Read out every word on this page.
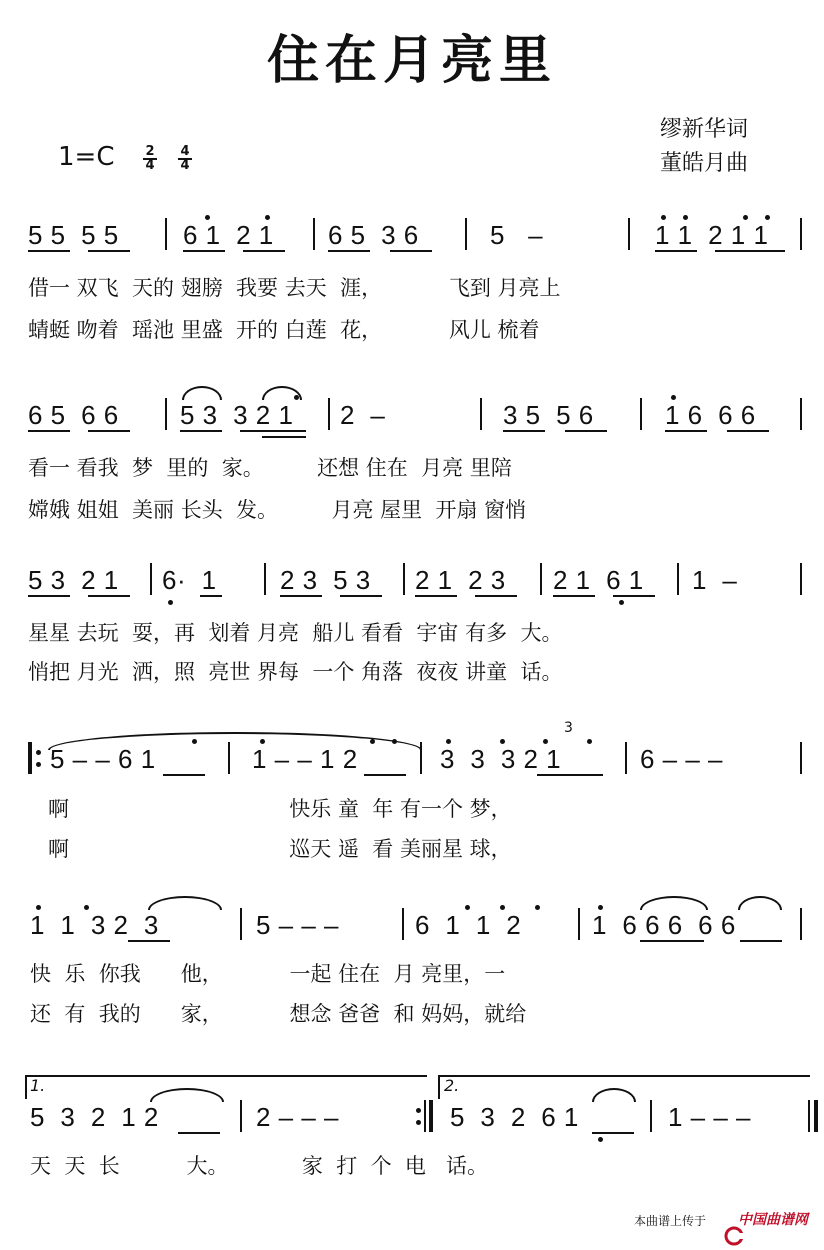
住在月亮里
缪新华词
董皓月曲
$1=C \frac{2}{4} \frac{4}{4}$
5 5  5 5 6 1  2 1 6 5  3 6	5   –	1 1  2 1 1
借一 双飞  天的 翅膀  我要 去天  涯，          飞到 月亮上
蜻蜓 吻着  瑶池 里盛  开的 白莲  花，          风儿 梳着
6 5  6 6 5 3  3 2 1 2  –	3 5  5 6	1 6  6 6
看一 看我  梦  里的  家。        还想 住在  月亮 里陪
嫦娥 姐姐  美丽 长头  发。        月亮 屋里  开扇 窗悄
5 3  2 1 6·  1 2 3  5 3 2 1  2 3 2 1  6 1 1  –
星星 去玩  耍，再  划着 月亮  船儿 看看  宇宙 有多  大。
悄把 月光  洒，照  亮世 界每  一个 角落  夜夜 讲童  话。
5 – – 6 1	1 – – 1 2	3  3  3 2 1	6 – – –
3
啊                                 快乐 童  年 有一个 梦，
啊                                 巡天 遥  看 美丽星 球，
1  1  3 2  3	5 – – –	6  1  1  2	1  6 6 6  6 6
快  乐  你我      他，          一起 住在  月 亮里，一
还  有  我的      家，          想念 爸爸  和 妈妈，就给
1.	2.
5  3  2  1 2	2 – – –	5  3  2  6 1	1 – – –
天  天  长          大。           家  打  个  电   话。
本曲谱上传于

中国曲谱网
